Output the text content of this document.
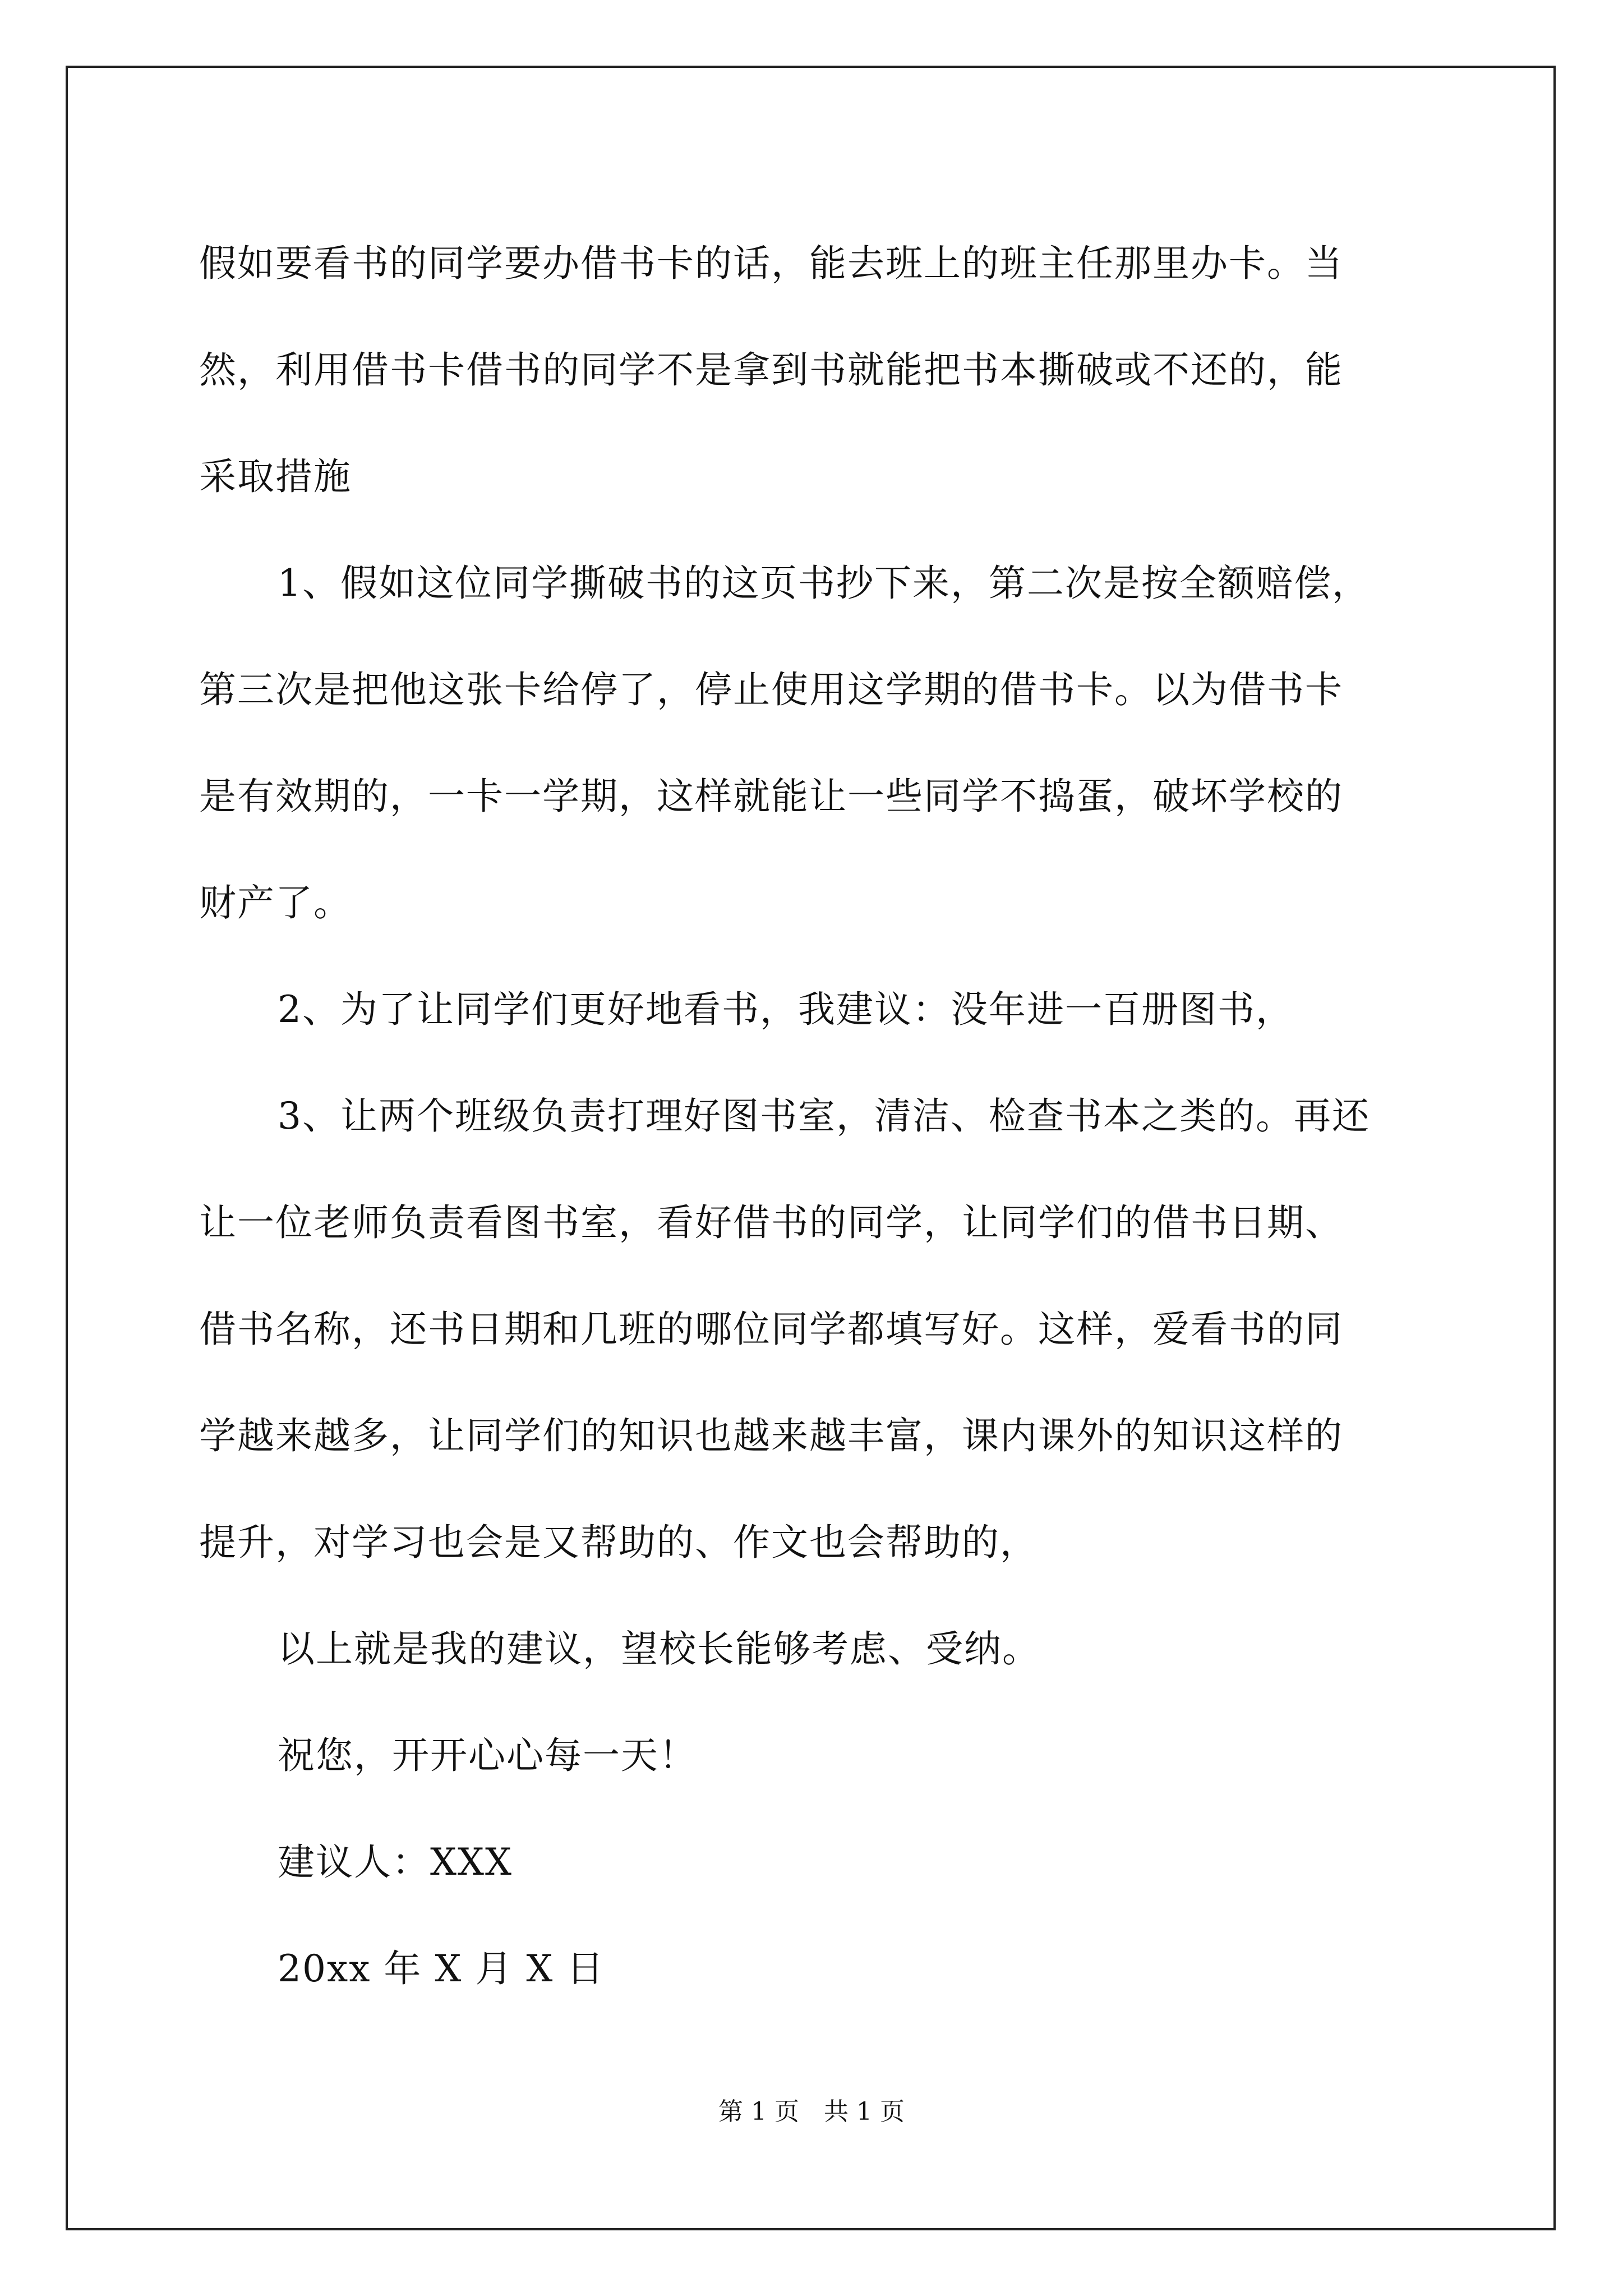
假如要看书的同学要办借书卡的话，能去班上的班主任那里办卡。当
然，利用借书卡借书的同学不是拿到书就能把书本撕破或不还的，能
采取措施
1、假如这位同学撕破书的这页书抄下来，第二次是按全额赔偿，
第三次是把他这张卡给停了，停止使用这学期的借书卡。以为借书卡
是有效期的，一卡一学期，这样就能让一些同学不捣蛋，破坏学校的
财产了。
2、为了让同学们更好地看书，我建议：没年进一百册图书，
3、让两个班级负责打理好图书室，清洁、检查书本之类的。再还
让一位老师负责看图书室，看好借书的同学，让同学们的借书日期、
借书名称，还书日期和几班的哪位同学都填写好。这样，爱看书的同
学越来越多，让同学们的知识也越来越丰富，课内课外的知识这样的
提升，对学习也会是又帮助的、作文也会帮助的，
以上就是我的建议，望校长能够考虑、受纳。
祝您，开开心心每一天！
建议人：XXX
20xx 年 X 月 X 日
第 1 页　共 1 页
